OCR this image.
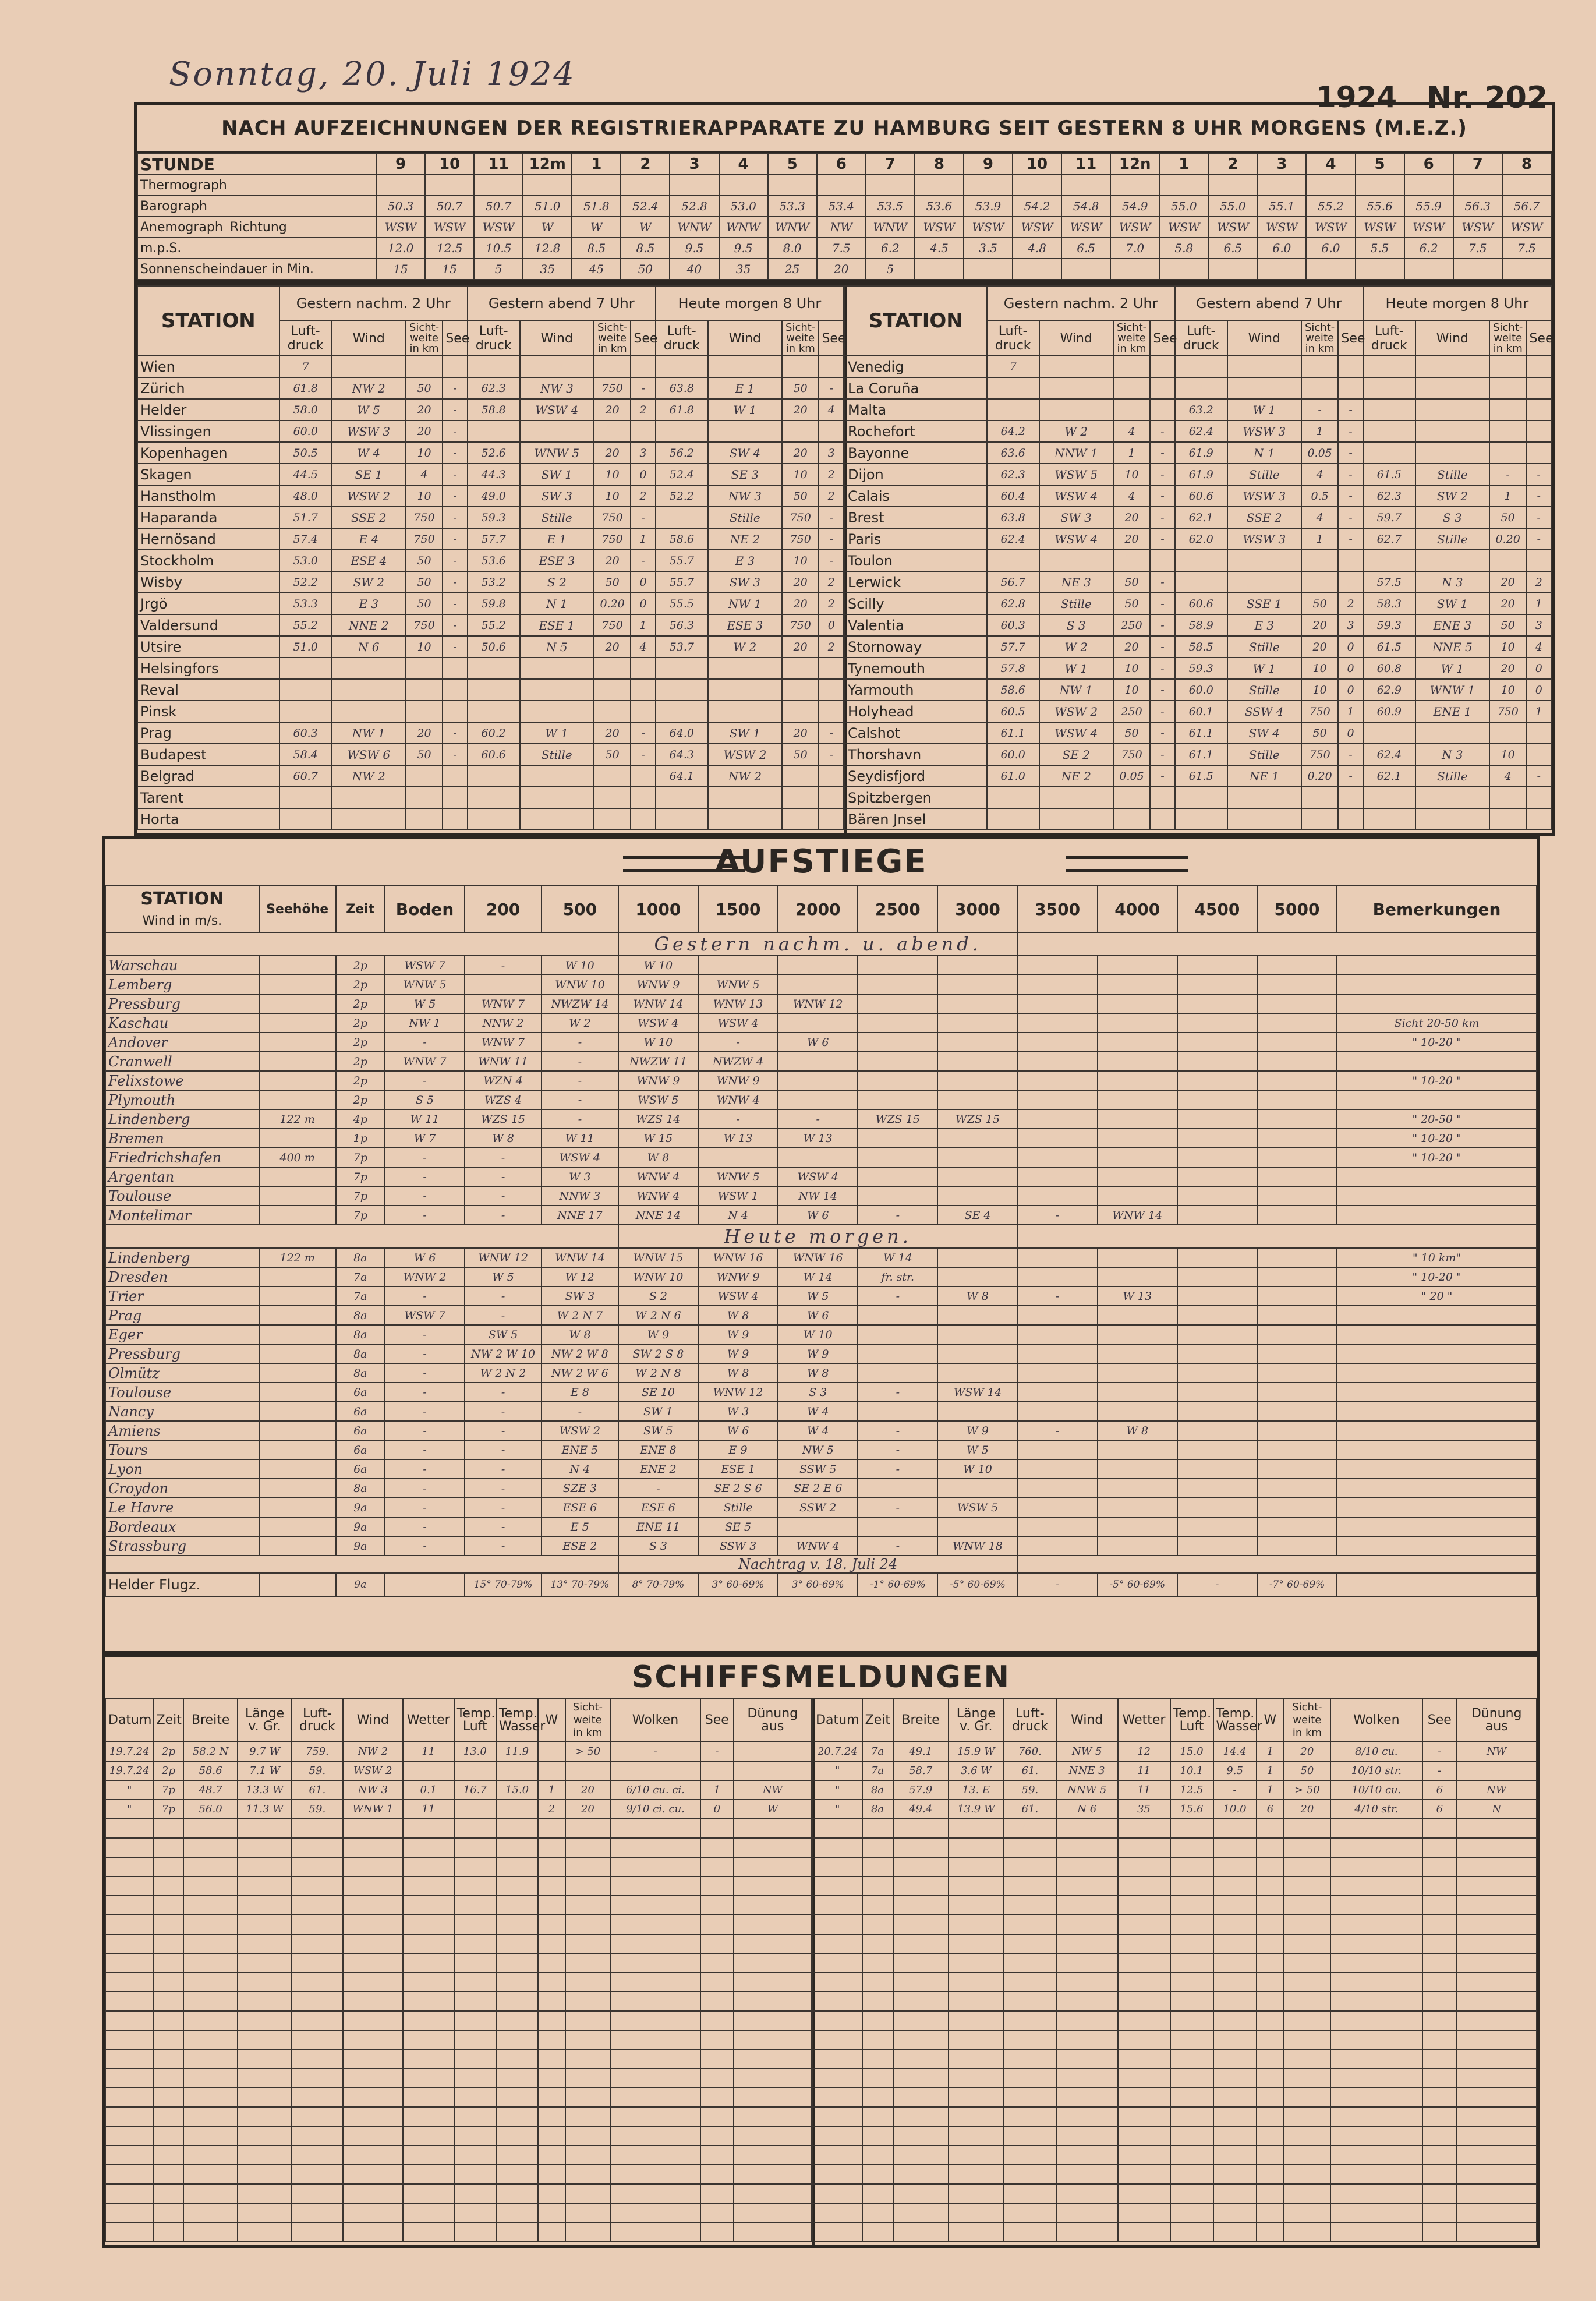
Sonntag, 20. Juli 1924
1924 Nr. 202
NACH AUFZEICHNUNGEN DER REGISTRIERAPPARATE ZU HAMBURG SEIT GESTERN 8 UHR MORGENS (M.E.Z.)
STUNDE	9	10	11	12m	1	2	3	4	5	6	7	8	9	10	11	12n	1	2	3	4	5	6	7	8
Thermograph																								
Barograph	50.3	50.7	50.7	51.0	51.8	52.4	52.8	53.0	53.3	53.4	53.5	53.6	53.9	54.2	54.8	54.9	55.0	55.0	55.1	55.2	55.6	55.9	56.3	56.7
Anemograph Richtung	WSW	WSW	WSW	W	W	W	WNW	WNW	WNW	NW	WNW	WSW	WSW	WSW	WSW	WSW	WSW	WSW	WSW	WSW	WSW	WSW	WSW	WSW
m.p.S.	12.0	12.5	10.5	12.8	8.5	8.5	9.5	9.5	8.0	7.5	6.2	4.5	3.5	4.8	6.5	7.0	5.8	6.5	6.0	6.0	5.5	6.2	7.5	7.5
Sonnenscheindauer in Min.	15	15	5	35	45	50	40	35	25	20	5													
STATION	Gestern nachm. 2 Uhr				Gestern abend 7 Uhr				Heute morgen 8 Uhr			
	Luft-druck	Wind	Sicht-weite in km	See	Luft-druck	Wind	Sicht-weite in km	See	Luft-druck	Wind	Sicht-weite in km	See
Wien	7											
Zürich	61.8	NW 2	50	-	62.3	NW 3	750	-	63.8	E 1	50	-
Helder	58.0	W 5	20	-	58.8	WSW 4	20	2	61.8	W 1	20	4
Vlissingen	60.0	WSW 3	20	-								
Kopenhagen	50.5	W 4	10	-	52.6	WNW 5	20	3	56.2	SW 4	20	3
Skagen	44.5	SE 1	4	-	44.3	SW 1	10	0	52.4	SE 3	10	2
Hanstholm	48.0	WSW 2	10	-	49.0	SW 3	10	2	52.2	NW 3	50	2
Haparanda	51.7	SSE 2	750	-	59.3	Stille	750	-		Stille	750	-
Hernösand	57.4	E 4	750	-	57.7	E 1	750	1	58.6	NE 2	750	-
Stockholm	53.0	ESE 4	50	-	53.6	ESE 3	20	-	55.7	E 3	10	-
Wisby	52.2	SW 2	50	-	53.2	S 2	50	0	55.7	SW 3	20	2
Jrgö	53.3	E 3	50	-	59.8	N 1	0.20	0	55.5	NW 1	20	2
Valdersund	55.2	NNE 2	750	-	55.2	ESE 1	750	1	56.3	ESE 3	750	0
Utsire	51.0	N 6	10	-	50.6	N 5	20	4	53.7	W 2	20	2
Helsingfors												
Reval												
Pinsk												
Prag	60.3	NW 1	20	-	60.2	W 1	20	-	64.0	SW 1	20	-
Budapest	58.4	WSW 6	50	-	60.6	Stille	50	-	64.3	WSW 2	50	-
Belgrad	60.7	NW 2							64.1	NW 2		
Tarent												
Horta												
STATION	Gestern nachm. 2 Uhr				Gestern abend 7 Uhr				Heute morgen 8 Uhr			
	Luft-druck	Wind	Sicht-weite in km	See	Luft-druck	Wind	Sicht-weite in km	See	Luft-druck	Wind	Sicht-weite in km	See
Venedig	7											
La Coruña												
Malta					63.2	W 1	-	-				
Rochefort	64.2	W 2	4	-	62.4	WSW 3	1	-				
Bayonne	63.6	NNW 1	1	-	61.9	N 1	0.05	-				
Dijon	62.3	WSW 5	10	-	61.9	Stille	4	-	61.5	Stille	-	-
Calais	60.4	WSW 4	4	-	60.6	WSW 3	0.5	-	62.3	SW 2	1	-
Brest	63.8	SW 3	20	-	62.1	SSE 2	4	-	59.7	S 3	50	-
Paris	62.4	WSW 4	20	-	62.0	WSW 3	1	-	62.7	Stille	0.20	-
Toulon												
Lerwick	56.7	NE 3	50	-					57.5	N 3	20	2
Scilly	62.8	Stille	50	-	60.6	SSE 1	50	2	58.3	SW 1	20	1
Valentia	60.3	S 3	250	-	58.9	E 3	20	3	59.3	ENE 3	50	3
Stornoway	57.7	W 2	20	-	58.5	Stille	20	0	61.5	NNE 5	10	4
Tynemouth	57.8	W 1	10	-	59.3	W 1	10	0	60.8	W 1	20	0
Yarmouth	58.6	NW 1	10	-	60.0	Stille	10	0	62.9	WNW 1	10	0
Holyhead	60.5	WSW 2	250	-	60.1	SSW 4	750	1	60.9	ENE 1	750	1
Calshot	61.1	WSW 4	50	-	61.1	SW 4	50	0				
Thorshavn	60.0	SE 2	750	-	61.1	Stille	750	-	62.4	N 3	10	
Seydisfjord	61.0	NE 2	0.05	-	61.5	NE 1	0.20	-	62.1	Stille	4	-
Spitzbergen												
Bären Jnsel												
AUFSTIEGE
STATION
Wind in m/s.	Seehöhe	Zeit	Boden	200	500	1000	1500	2000	2500	3000	3500	4000	4500	5000	Bemerkungen
						Gestern nachm. u. abend.									
Warschau		2p	WSW 7	-	W 10	W 10									
Lemberg		2p	WNW 5		WNW 10	WNW 9	WNW 5								
Pressburg		2p	W 5	WNW 7	NWZW 14	WNW 14	WNW 13	WNW 12							
Kaschau		2p	NW 1	NNW 2	W 2	WSW 4	WSW 4								Sicht 20-50 km
Andover		2p	-	WNW 7	-	W 10	-	W 6							" 10-20 "
Cranwell		2p	WNW 7	WNW 11	-	NWZW 11	NWZW 4								
Felixstowe		2p	-	WZN 4	-	WNW 9	WNW 9								" 10-20 "
Plymouth		2p	S 5	WZS 4	-	WSW 5	WNW 4								
Lindenberg	122 m	4p	W 11	WZS 15	-	WZS 14	-	-	WZS 15	WZS 15					" 20-50 "
Bremen		1p	W 7	W 8	W 11	W 15	W 13	W 13							" 10-20 "
Friedrichshafen	400 m	7p	-	-	WSW 4	W 8									" 10-20 "
Argentan		7p	-	-	W 3	WNW 4	WNW 5	WSW 4							
Toulouse		7p	-	-	NNW 3	WNW 4	WSW 1	NW 14							
Montelimar		7p	-	-	NNE 17	NNE 14	N 4	W 6	-	SE 4	-	WNW 14			
						Heute morgen.									
Lindenberg	122 m	8a	W 6	WNW 12	WNW 14	WNW 15	WNW 16	WNW 16	W 14						" 10 km"
Dresden		7a	WNW 2	W 5	W 12	WNW 10	WNW 9	W 14	fr. str.						" 10-20 "
Trier		7a	-	-	SW 3	S 2	WSW 4	W 5	-	W 8	-	W 13			" 20 "
Prag		8a	WSW 7	-	W 2 N 7	W 2 N 6	W 8	W 6							
Eger		8a	-	SW 5	W 8	W 9	W 9	W 10							
Pressburg		8a	-	NW 2 W 10	NW 2 W 8	SW 2 S 8	W 9	W 9							
Olmütz		8a	-	W 2 N 2	NW 2 W 6	W 2 N 8	W 8	W 8							
Toulouse		6a	-	-	E 8	SE 10	WNW 12	S 3	-	WSW 14					
Nancy		6a	-	-	-	SW 1	W 3	W 4							
Amiens		6a	-	-	WSW 2	SW 5	W 6	W 4	-	W 9	-	W 8			
Tours		6a	-	-	ENE 5	ENE 8	E 9	NW 5	-	W 5					
Lyon		6a	-	-	N 4	ENE 2	ESE 1	SSW 5	-	W 10					
Croydon		8a	-	-	SZE 3	-	SE 2 S 6	SE 2 E 6							
Le Havre		9a	-	-	ESE 6	ESE 6	Stille	SSW 2	-	WSW 5					
Bordeaux		9a	-	-	E 5	ENE 11	SE 5								
Strassburg		9a	-	-	ESE 2	S 3	SSW 3	WNW 4	-	WNW 18					
						Nachtrag v. 18. Juli 24									
Helder Flugz.		9a		15° 70-79%	13° 70-79%	8° 70-79%	3° 60-69%	3° 60-69%	-1° 60-69%	-5° 60-69%	-	-5° 60-69%	-	-7° 60-69%	
SCHIFFSMELDUNGEN
Datum	Zeit	Breite	Länge v. Gr.	Luft-druck	Wind	Wetter	Temp. Luft	Temp. Wasser	W	Sicht-weite in km	Wolken	See	Dünung aus
19.7.24	2p	58.2 N	9.7 W	759.	NW 2	11	13.0	11.9		> 50	-	-	
19.7.24	2p	58.6	7.1 W	59.	WSW 2								
"	7p	48.7	13.3 W	61.	NW 3	0.1	16.7	15.0	1	20	6/10 cu. ci.	1	NW
"	7p	56.0	11.3 W	59.	WNW 1	11			2	20	9/10 ci. cu.	0	W

Datum	Zeit	Breite	Länge v. Gr.	Luft-druck	Wind	Wetter	Temp. Luft	Temp. Wasser	W	Sicht-weite in km	Wolken	See	Dünung aus
20.7.24	7a	49.1	15.9 W	760.	NW 5	12	15.0	14.4	1	20	8/10 cu.	-	NW
"	7a	58.7	3.6 W	61.	NNE 3	11	10.1	9.5	1	50	10/10 str.	-	
"	8a	57.9	13. E	59.	NNW 5	11	12.5	-	1	> 50	10/10 cu.	6	NW
"	8a	49.4	13.9 W	61.	N 6	35	15.6	10.0	6	20	4/10 str.	6	N
